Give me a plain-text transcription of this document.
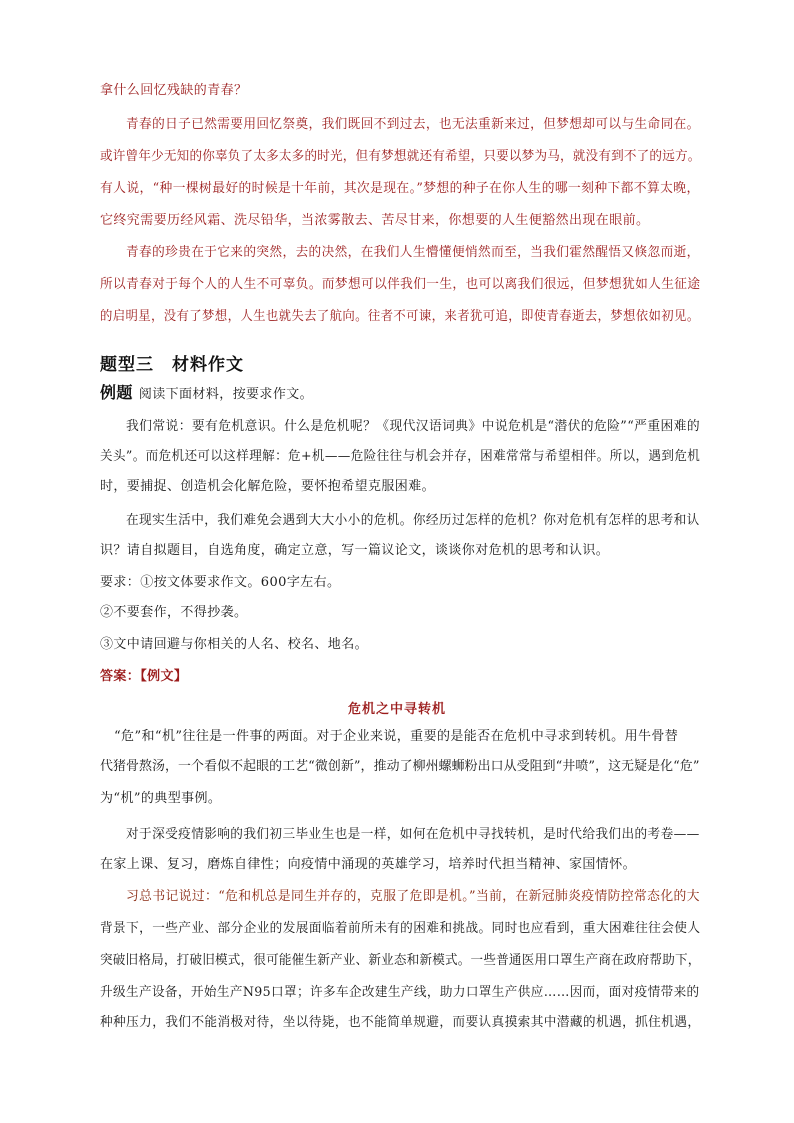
拿什么回忆残缺的青春？
青春的日子已然需要用回忆祭奠，我们既回不到过去，也无法重新来过，但梦想却可以与生命同在。
或许曾年少无知的你辜负了太多太多的时光，但有梦想就还有希望，只要以梦为马，就没有到不了的远方。
有人说，“种一棵树最好的时候是十年前，其次是现在。”梦想的种子在你人生的哪一刻种下都不算太晚，
它终究需要历经风霜、洗尽铅华，当浓雾散去、苦尽甘来，你想要的人生便豁然出现在眼前。
青春的珍贵在于它来的突然，去的决然，在我们人生懵懂便悄然而至，当我们霍然醒悟又倏忽而逝，
所以青春对于每个人的人生不可辜负。而梦想可以伴我们一生，也可以离我们很远，但梦想犹如人生征途
的启明星，没有了梦想，人生也就失去了航向。往者不可谏，来者犹可追，即使青春逝去，梦想依如初见。
题型三　材料作文
例题 阅读下面材料，按要求作文。
我们常说：要有危机意识。什么是危机呢？《现代汉语词典》中说危机是“潜伏的危险”“严重困难的
关头”。而危机还可以这样理解：危+机——危险往往与机会并存，困难常常与希望相伴。所以，遇到危机
时，要捕捉、创造机会化解危险，要怀抱希望克服困难。
在现实生活中，我们难免会遇到大大小小的危机。你经历过怎样的危机？你对危机有怎样的思考和认
识？请自拟题目，自选角度，确定立意，写一篇议论文，谈谈你对危机的思考和认识。
要求：①按文体要求作文。600字左右。
②不要套作，不得抄袭。
③文中请回避与你相关的人名、校名、地名。
答案：【例文】
危机之中寻转机
“危”和“机”往往是一件事的两面。对于企业来说，重要的是能否在危机中寻求到转机。用牛骨替
代猪骨熬汤，一个看似不起眼的工艺“微创新”，推动了柳州螺蛳粉出口从受阻到“井喷”，这无疑是化“危”
为“机”的典型事例。
对于深受疫情影响的我们初三毕业生也是一样，如何在危机中寻找转机，是时代给我们出的考卷——
在家上课、复习，磨炼自律性；向疫情中涌现的英雄学习，培养时代担当精神、家国情怀。
习总书记说过：“危和机总是同生并存的，克服了危即是机。”当前，在新冠肺炎疫情防控常态化的大
背景下，一些产业、部分企业的发展面临着前所未有的困难和挑战。同时也应看到，重大困难往往会使人
突破旧格局，打破旧模式，很可能催生新产业、新业态和新模式。一些普通医用口罩生产商在政府帮助下，
升级生产设备，开始生产N95口罩；许多车企改建生产线，助力口罩生产供应……因而，面对疫情带来的
种种压力，我们不能消极对待，坐以待毙，也不能简单规避，而要认真摸索其中潜藏的机遇，抓住机遇，
